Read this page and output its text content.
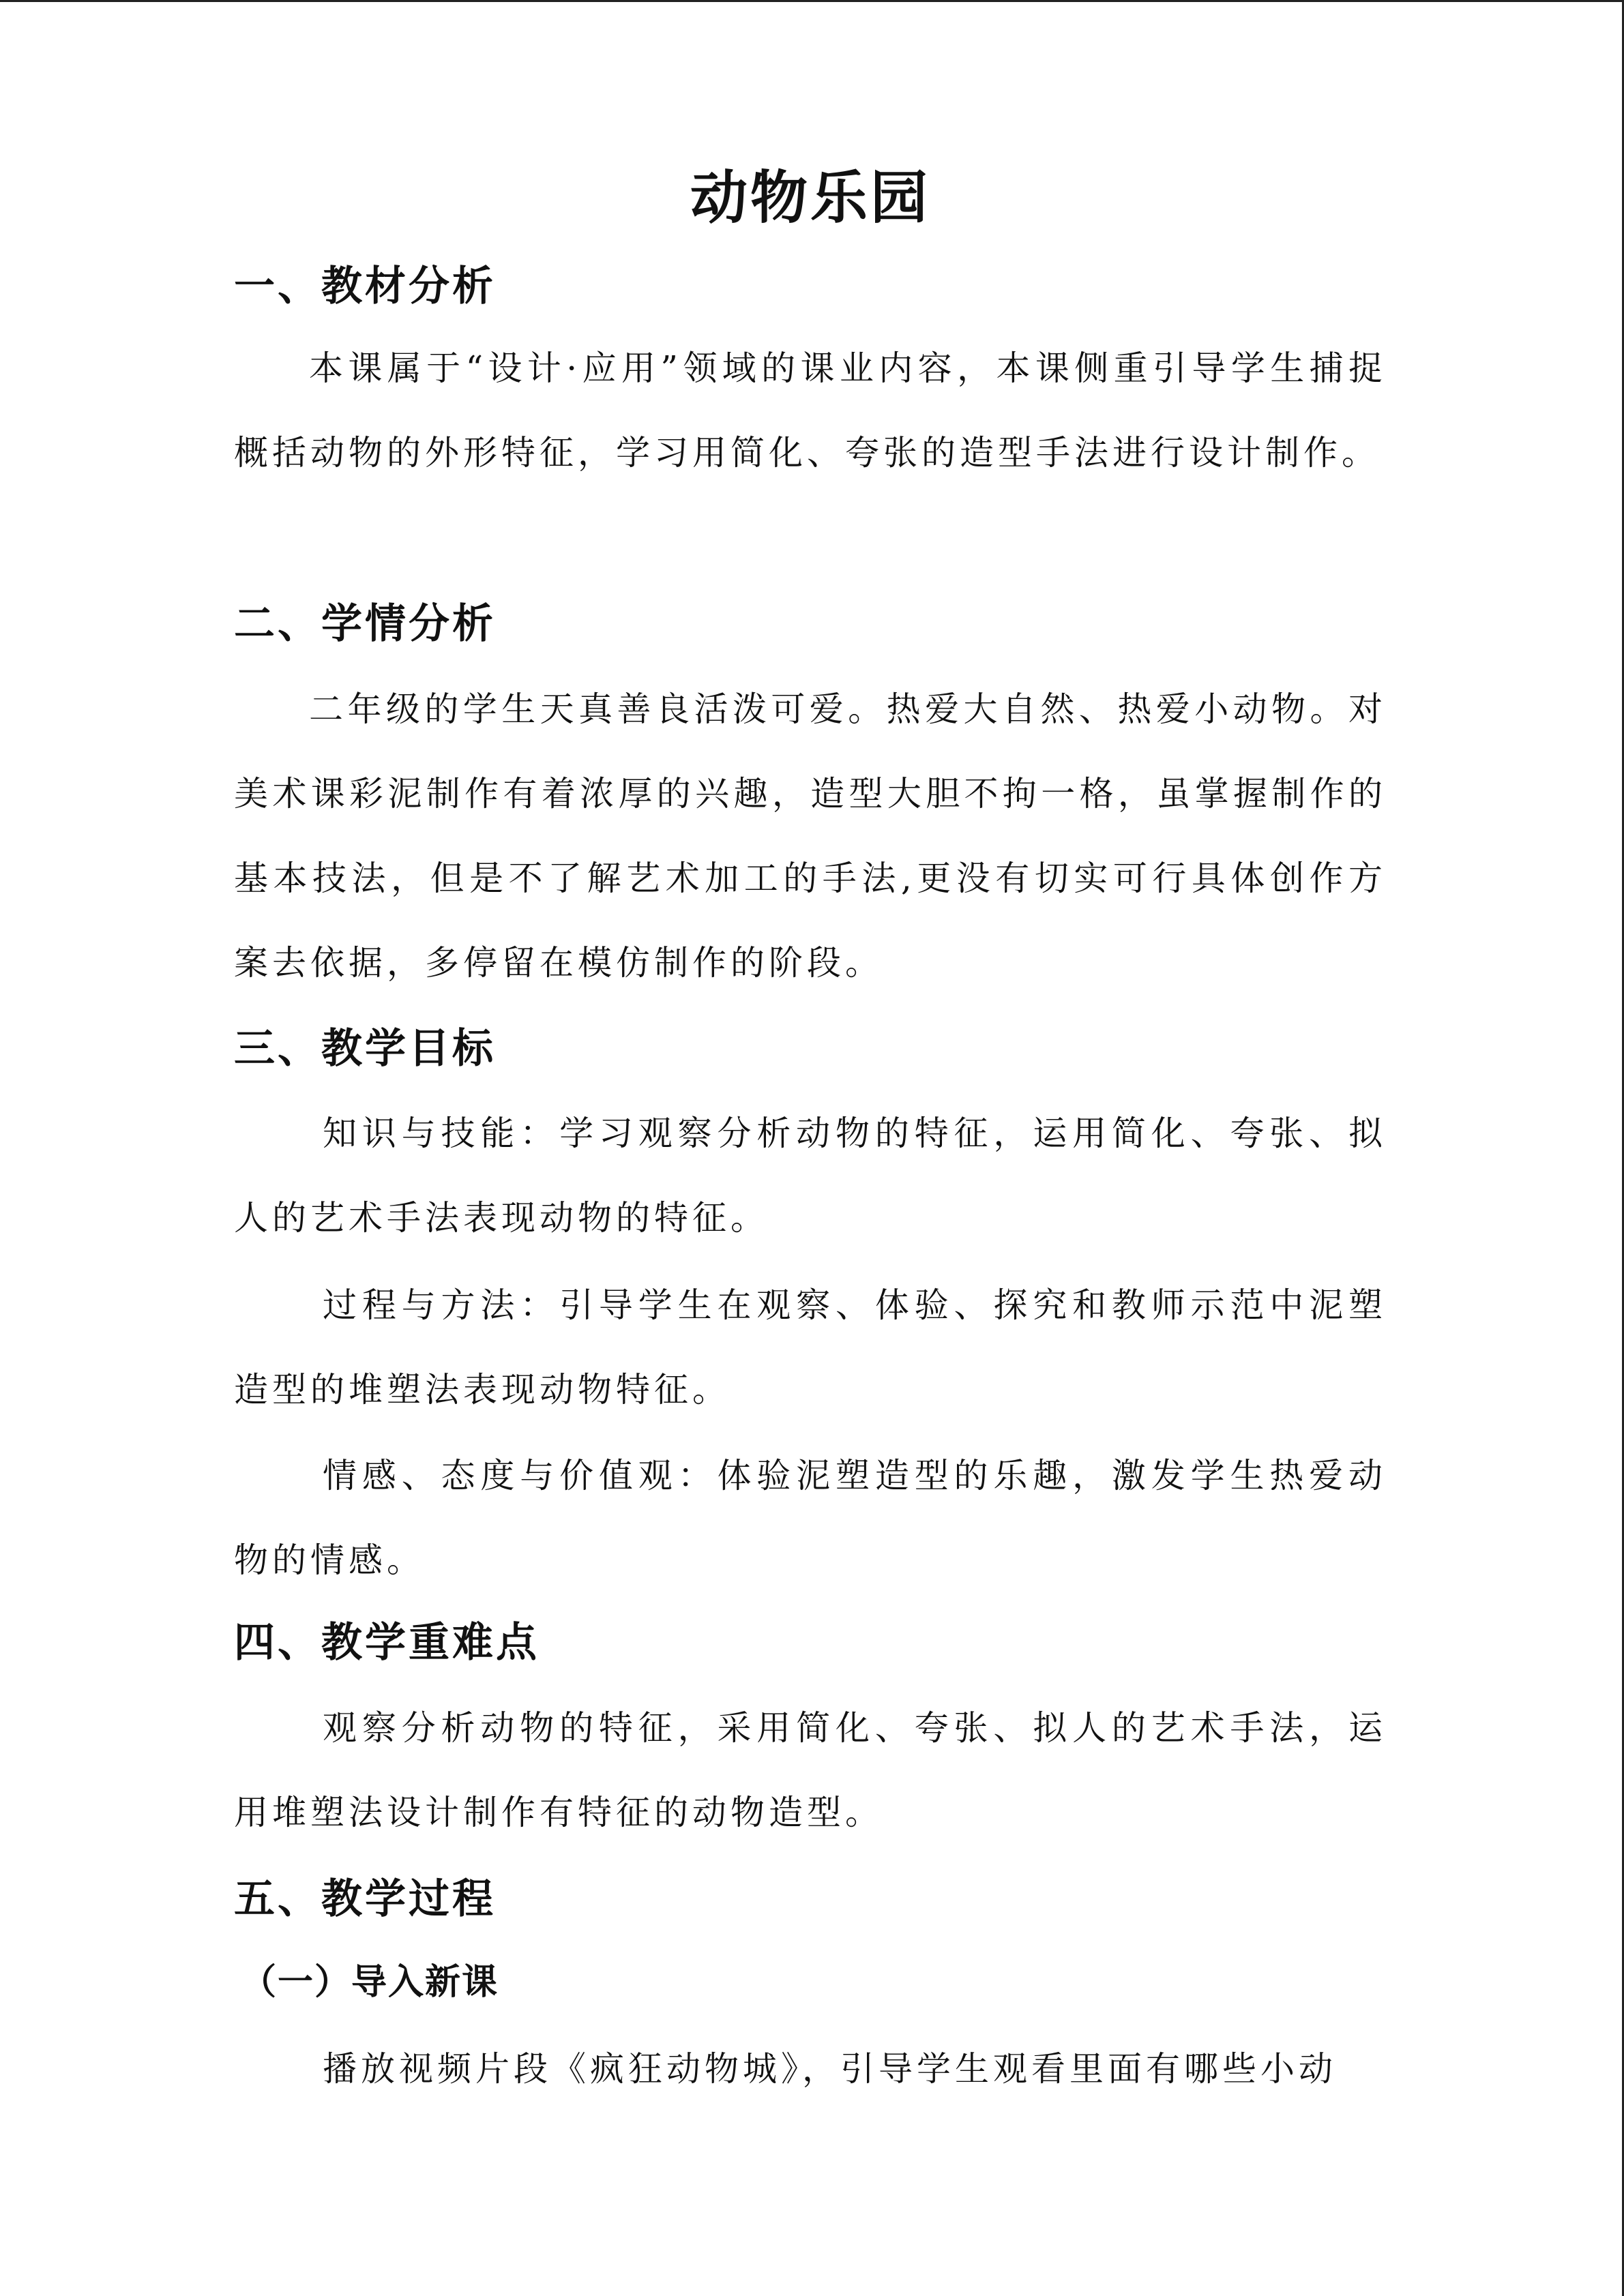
动物乐园
一、教材分析

本课属于“设计·应用”领域的课业内容，本课侧重引导学生捕捉概括动物的外形特征，学习用简化、夸张的造型手法进行设计制作。

二、学情分析

二年级的学生天真善良活泼可爱。热爱大自然、热爱小动物。对美术课彩泥制作有着浓厚的兴趣，造型大胆不拘一格，虽掌握制作的基本技法，但是不了解艺术加工的手法,更没有切实可行具体创作方案去依据，多停留在模仿制作的阶段。

三、教学目标

知识与技能：学习观察分析动物的特征，运用简化、夸张、拟人的艺术手法表现动物的特征。

过程与方法：引导学生在观察、体验、探究和教师示范中泥塑造型的堆塑法表现动物特征。

情感、态度与价值观：体验泥塑造型的乐趣，激发学生热爱动物的情感。

四、教学重难点

观察分析动物的特征，采用简化、夸张、拟人的艺术手法，运用堆塑法设计制作有特征的动物造型。

五、教学过程
（一）导入新课

播放视频片段《疯狂动物城》，引导学生观看里面有哪些小动
